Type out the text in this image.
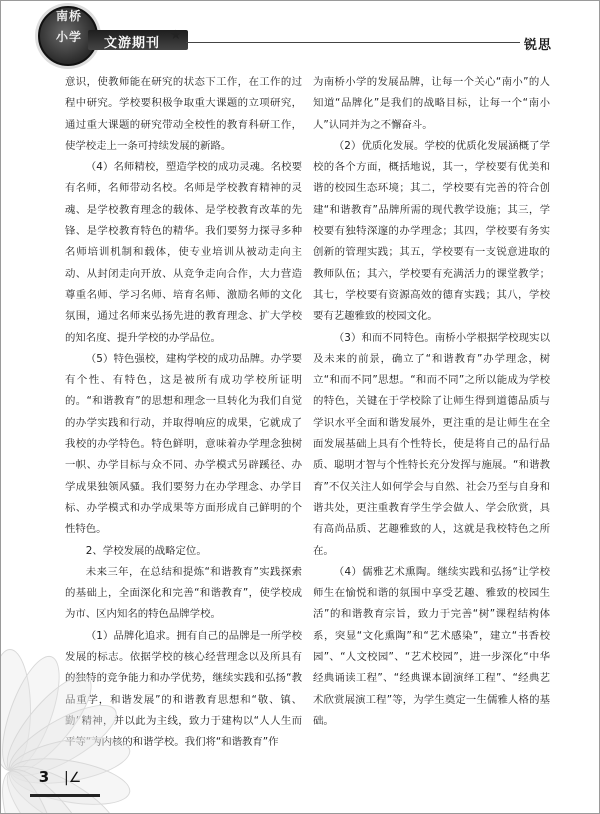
南桥
小学	文游期刊
★
锐思

意识，使教师能在研究的状态下工作，在工作的过程中研究。学校要积极争取重大课题的立项研究，通过重大课题的研究带动全校性的教育科研工作，使学校走上一条可持续发展的新路。

（4）名师精校，塑造学校的成功灵魂。名校要有名师，名师带动名校。名师是学校教育精神的灵魂、是学校教育理念的载体、是学校教育改革的先锋、是学校教育特色的精华。我们要努力探寻多种名师培训机制和载体，使专业培训从被动走向主动、从封闭走向开放、从竞争走向合作，大力营造尊重名师、学习名师、培育名师、激励名师的文化氛围，通过名师来弘扬先进的教育理念、扩大学校的知名度、提升学校的办学品位。

（5）特色强校，建构学校的成功品牌。办学要有个性、有特色，这是被所有成功学校所证明的。“和谐教育”的思想和理念一旦转化为我们自觉的办学实践和行动，并取得响应的成果，它就成了我校的办学特色。特色鲜明，意味着办学理念独树一帜、办学目标与众不同、办学模式另辟蹊径、办学成果独领风骚。我们要努力在办学理念、办学目标、办学模式和办学成果等方面形成自己鲜明的个性特色。

2、学校发展的战略定位。

未来三年，在总结和提炼“和谐教育”实践探索的基础上，全面深化和完善“和谐教育”，使学校成为市、区内知名的特色品牌学校。

（1）品牌化追求。拥有自己的品牌是一所学校发展的标志。依据学校的核心经营理念以及所具有的独特的竞争能力和办学优势，继续实践和弘扬“教品重学，和谐发展”的和谐教育思想和“敬、镇、勤”精神，并以此为主线，致力于建构以“人人生而平等”为内核的和谐学校。我们将“和谐教育”作

为南桥小学的发展品牌，让每一个关心“南小”的人知道“品牌化”是我们的战略目标，让每一个“南小人”认同并为之不懈奋斗。

（2）优质化发展。学校的优质化发展涵概了学校的各个方面，概括地说，其一，学校要有优美和谐的校园生态环境；其二，学校要有完善的符合创建“和谐教育”品牌所需的现代教学设施；其三，学校要有独特深邃的办学理念；其四，学校要有务实创新的管理实践；其五，学校要有一支锐意进取的教师队伍；其六，学校要有充满活力的课堂教学；其七，学校要有资源高效的德育实践；其八，学校要有艺趣雅致的校园文化。

（3）和而不同特色。南桥小学根据学校现实以及未来的前景，确立了“和谐教育”办学理念，树立“和而不同”思想。“和而不同”之所以能成为学校的特色，关键在于学校除了让师生得到道德品质与学识水平全面和谐发展外，更注重的是让师生在全面发展基础上具有个性特长，使是将自己的品行品质、聪明才智与个性特长充分发挥与施展。“和谐教育”不仅关注人如何学会与自然、社会乃至与自身和谐共处，更注重教育学生学会做人、学会欣赏，具有高尚品质、艺趣雅致的人，这就是我校特色之所在。

（4）儒雅艺术熏陶。继续实践和弘扬“让学校师生在愉悦和谐的氛围中享受艺趣、雅致的校园生活”的和谐教育宗旨，致力于完善“树”课程结构体系，突显“文化熏陶”和“艺术感染”，建立“书香校园”、“人文校园”、“艺术校园”，进一步深化“中华经典诵读工程”、“经典课本剧演绎工程”、“经典艺术欣赏展演工程”等，为学生奠定一生儒雅人格的基础。

3	|∠
